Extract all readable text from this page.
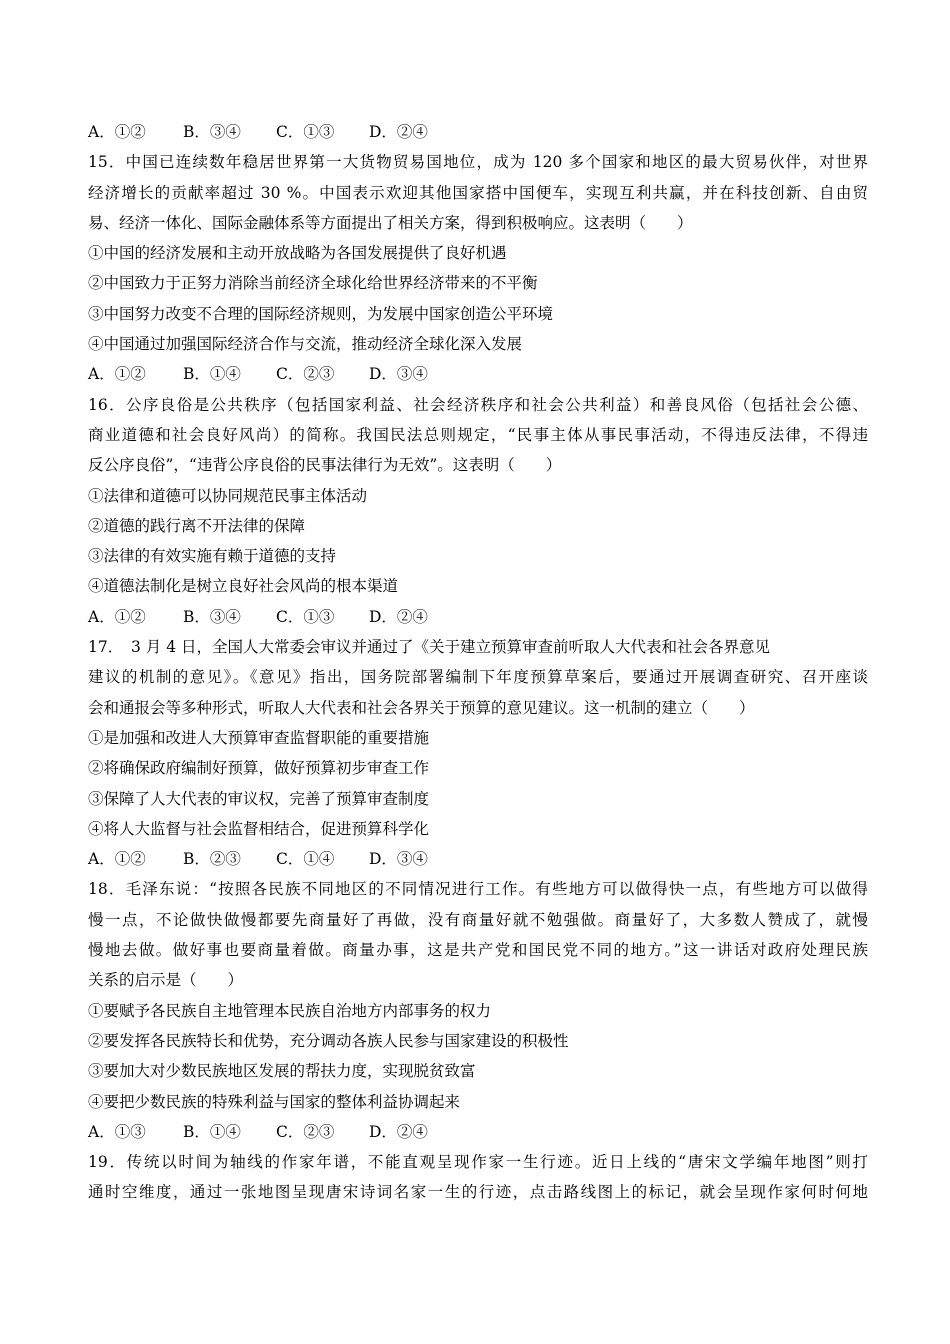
A．①② B．③④ C．①③ D．②④
15．中国已连续数年稳居世界第一大货物贸易国地位，成为 120 多个国家和地区的最大贸易伙伴，对世界
经济增长的贡献率超过 30 %。中国表示欢迎其他国家搭中国便车，实现互利共赢，并在科技创新、自由贸
易、经济一体化、国际金融体系等方面提出了相关方案，得到积极响应。这表明（　　）
①中国的经济发展和主动开放战略为各国发展提供了良好机遇
②中国致力于正努力消除当前经济全球化给世界经济带来的不平衡
③中国努力改变不合理的国际经济规则，为发展中国家创造公平环境
④中国通过加强国际经济合作与交流，推动经济全球化深入发展
A．①② B．①④ C．②③ D．③④
16．公序良俗是公共秩序（包括国家利益、社会经济秩序和社会公共利益）和善良风俗（包括社会公德、
商业道德和社会良好风尚）的简称。我国民法总则规定，“民事主体从事民事活动，不得违反法律，不得违
反公序良俗”，“违背公序良俗的民事法律行为无效”。这表明（　　）
①法律和道德可以协同规范民事主体活动
②道德的践行离不开法律的保障
③法律的有效实施有赖于道德的支持
④道德法制化是树立良好社会风尚的根本渠道
A．①② B．③④ C．①③ D．②④
17．　3 月 4 日，全国人大常委会审议并通过了《关于建立预算审查前听取人大代表和社会各界意见
建议的机制的意见》。《意见》指出，国务院部署编制下年度预算草案后，要通过开展调查研究、召开座谈
会和通报会等多种形式，听取人大代表和社会各界关于预算的意见建议。这一机制的建立（　　）
①是加强和改进人大预算审查监督职能的重要措施
②将确保政府编制好预算，做好预算初步审查工作
③保障了人大代表的审议权，完善了预算审查制度
④将人大监督与社会监督相结合，促进预算科学化
A．①② B．②③ C．①④ D．③④
18．毛泽东说：“按照各民族不同地区的不同情况进行工作。有些地方可以做得快一点，有些地方可以做得
慢一点，不论做快做慢都要先商量好了再做，没有商量好就不勉强做。商量好了，大多数人赞成了，就慢
慢地去做。做好事也要商量着做。商量办事，这是共产党和国民党不同的地方。”这一讲话对政府处理民族
关系的启示是（　　）
①要赋予各民族自主地管理本民族自治地方内部事务的权力
②要发挥各民族特长和优势，充分调动各族人民参与国家建设的积极性
③要加大对少数民族地区发展的帮扶力度，实现脱贫致富
④要把少数民族的特殊利益与国家的整体利益协调起来
A．①③ B．①④ C．②③ D．②④
19．传统以时间为轴线的作家年谱，不能直观呈现作家一生行迹。近日上线的“唐宋文学编年地图”则打
通时空维度，通过一张地图呈现唐宋诗词名家一生的行迹，点击路线图上的标记，就会呈现作家何时何地
